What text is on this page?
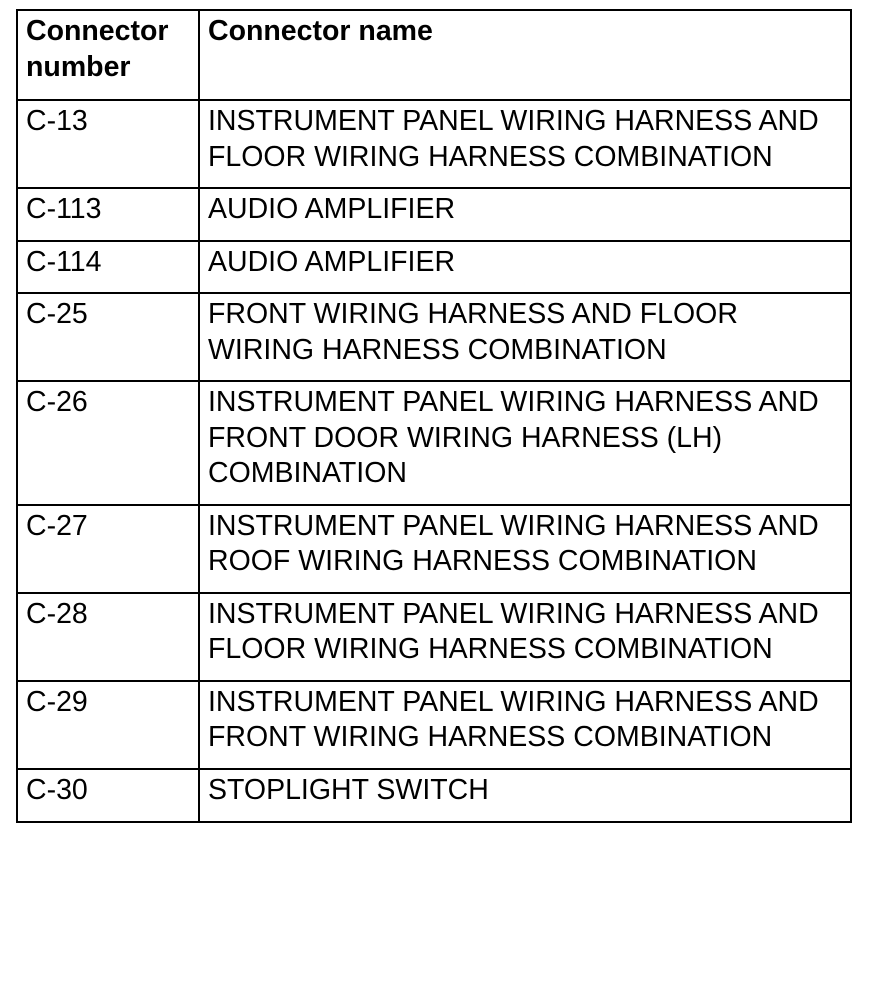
Connector number	Connector name
C-13	INSTRUMENT PANEL WIRING HARNESS AND FLOOR WIRING HARNESS COMBINATION
C-113	AUDIO AMPLIFIER
C-114	AUDIO AMPLIFIER
C-25	FRONT WIRING HARNESS AND FLOOR WIRING HARNESS COMBINATION
C-26	INSTRUMENT PANEL WIRING HARNESS AND FRONT DOOR WIRING HARNESS (LH) COMBINATION
C-27	INSTRUMENT PANEL WIRING HARNESS AND ROOF WIRING HARNESS COMBINATION
C-28	INSTRUMENT PANEL WIRING HARNESS AND FLOOR WIRING HARNESS COMBINATION
C-29	INSTRUMENT PANEL WIRING HARNESS AND FRONT WIRING HARNESS COMBINATION
C-30	STOPLIGHT SWITCH
